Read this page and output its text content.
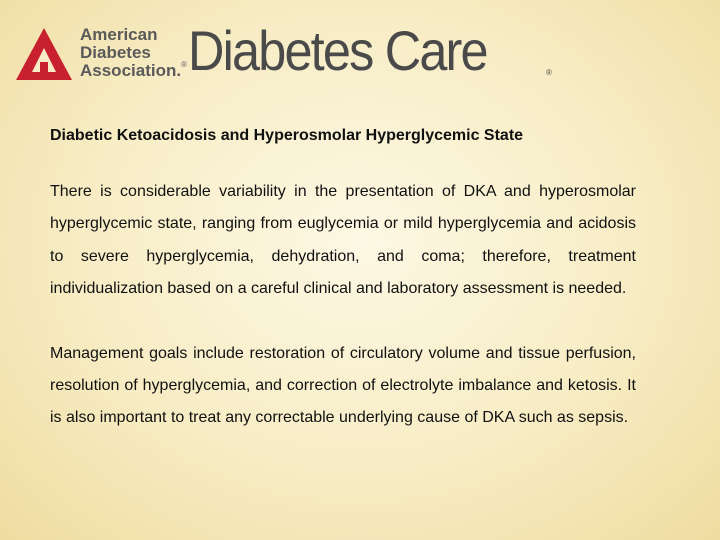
American
Diabetes
Association. ® Diabetes Care	®

Diabetic Ketoacidosis and Hyperosmolar Hyperglycemic State

There is considerable variability in the presentation of DKA and hyperosmolar hyperglycemic state, ranging from euglycemia or mild hyperglycemia and acidosis to severe hyperglycemia, dehydration, and coma; therefore, treatment individualization based on a careful clinical and laboratory assessment is needed.

Management goals include restoration of circulatory volume and tissue perfusion, resolution of hyperglycemia, and correction of electrolyte imbalance and ketosis. It is also important to treat any correctable underlying cause of DKA such as sepsis.
